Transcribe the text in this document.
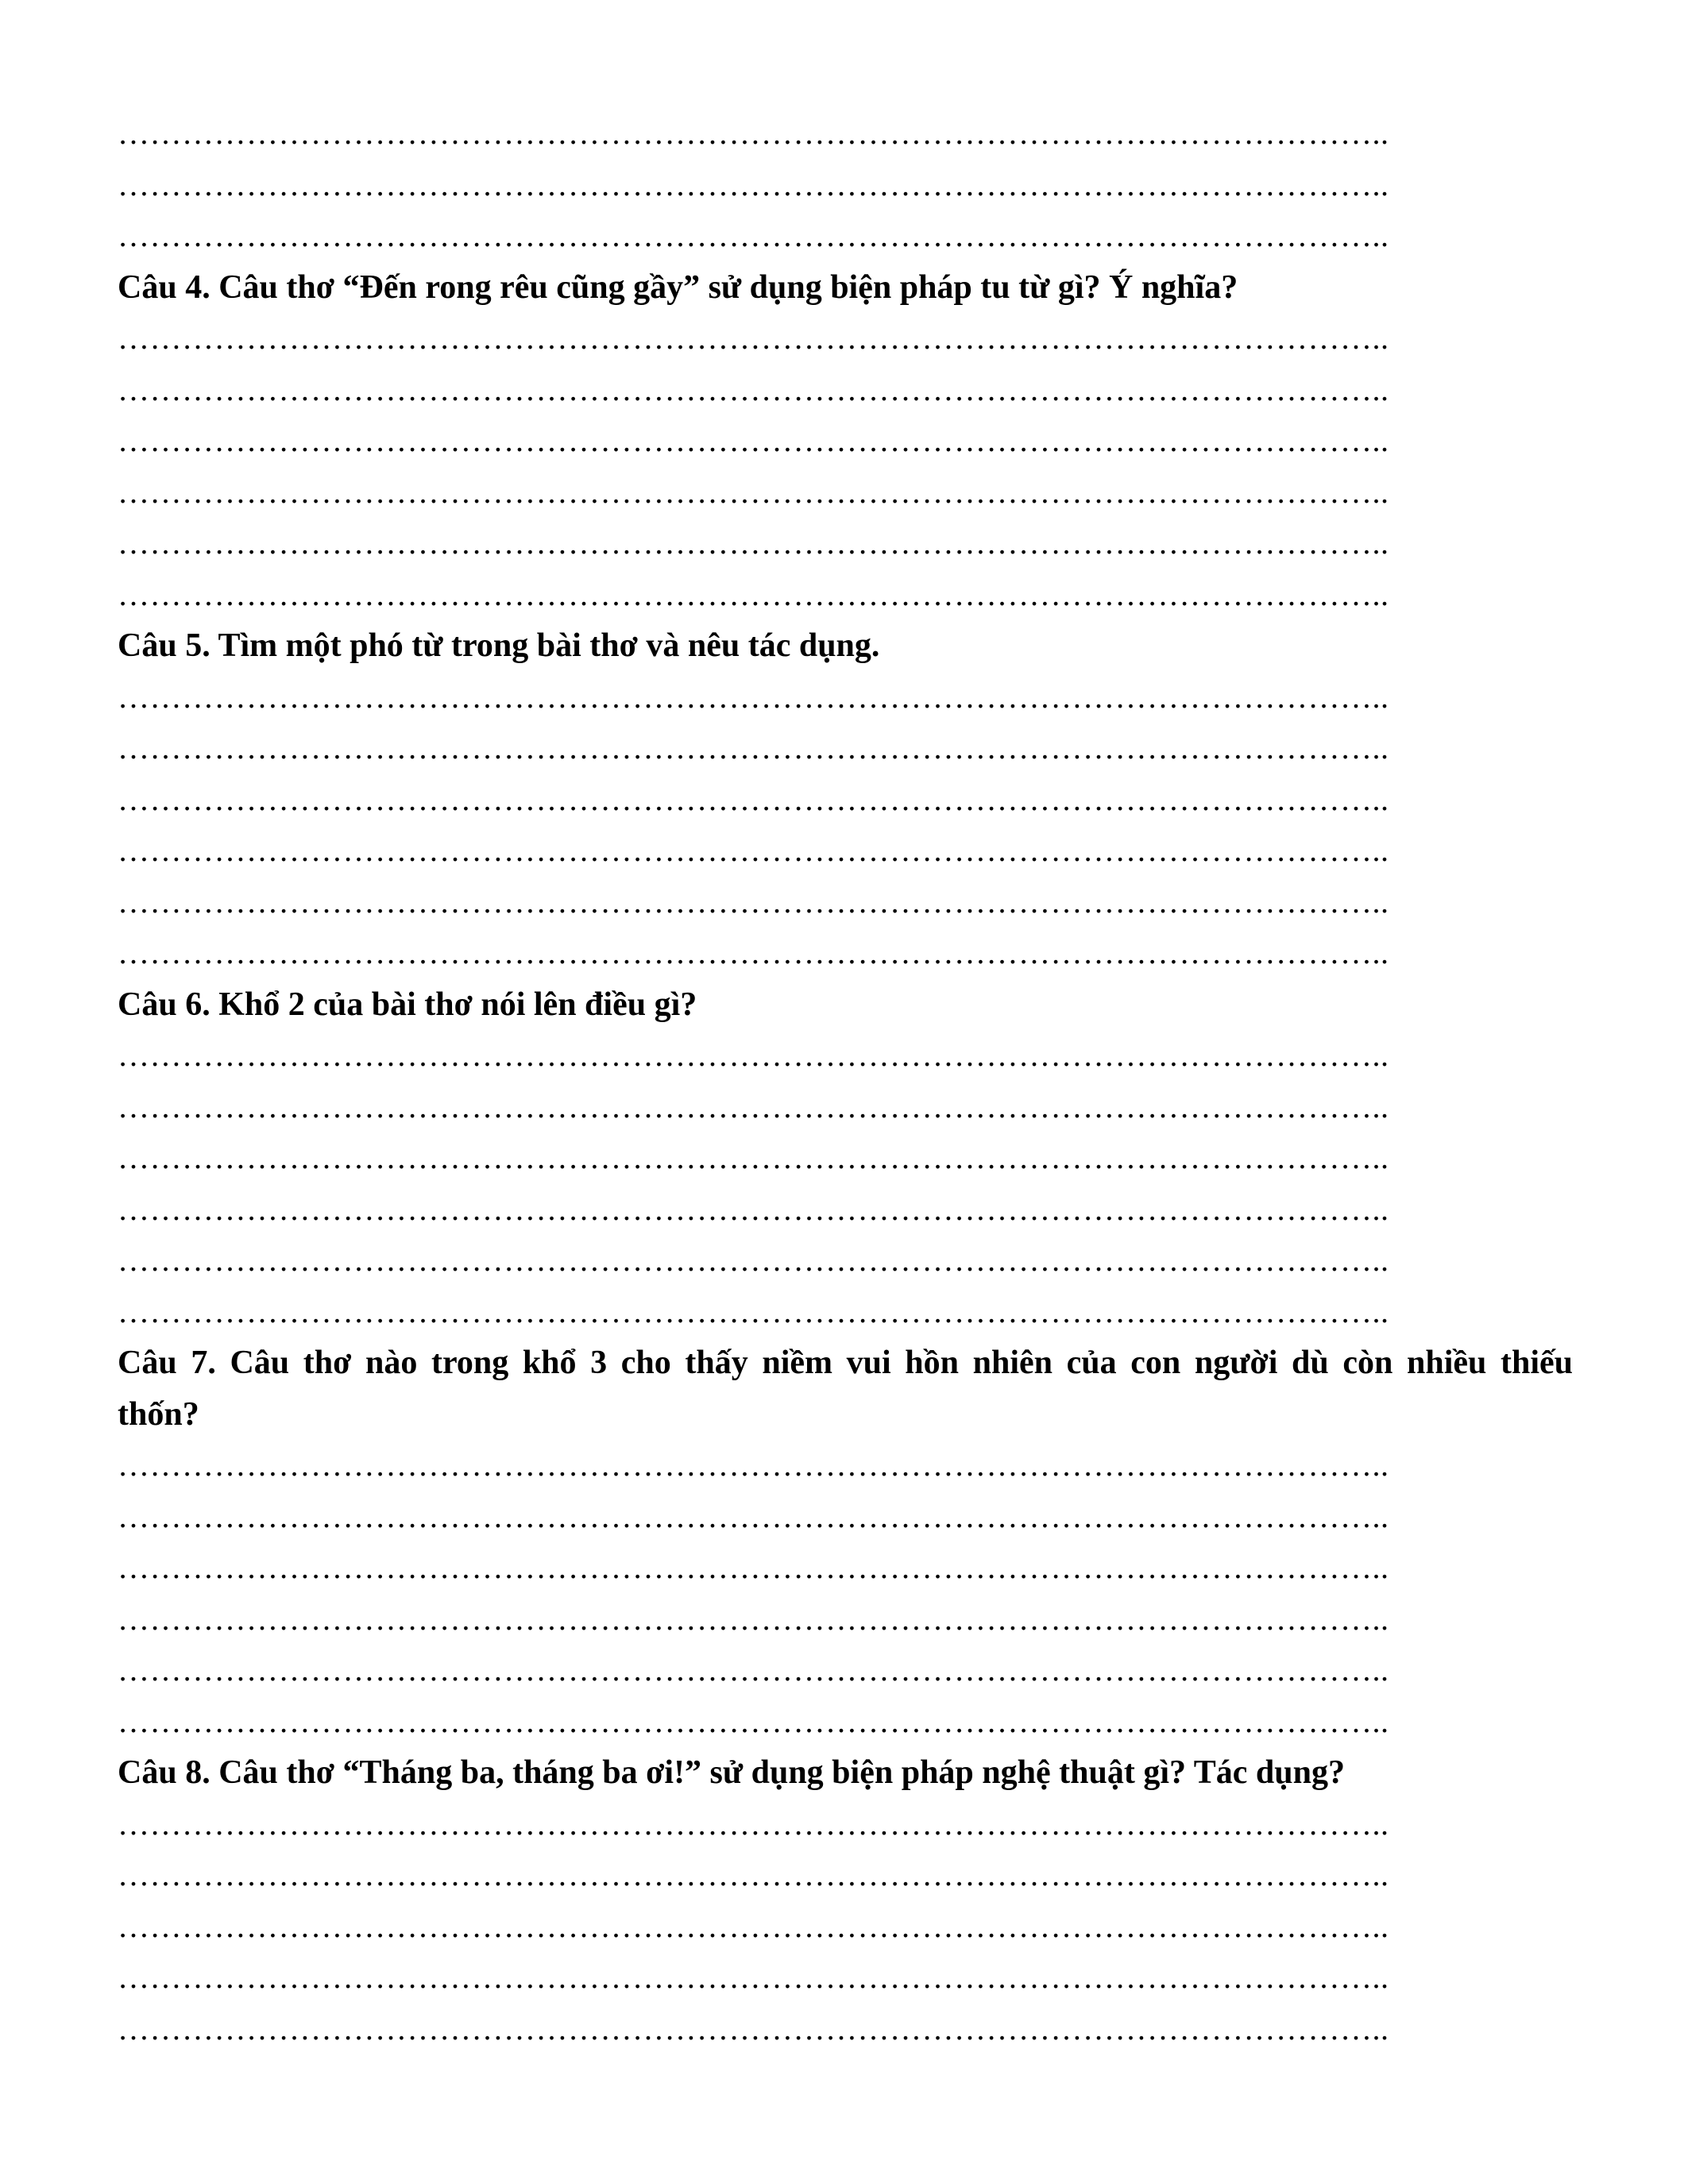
………………………………………………………………………………………………………..
………………………………………………………………………………………………………..
………………………………………………………………………………………………………..

Câu 4. Câu thơ “Đến rong rêu cũng gầy” sử dụng biện pháp tu từ gì? Ý nghĩa?

………………………………………………………………………………………………………..
………………………………………………………………………………………………………..
………………………………………………………………………………………………………..
………………………………………………………………………………………………………..
………………………………………………………………………………………………………..
………………………………………………………………………………………………………..

Câu 5. Tìm một phó từ trong bài thơ và nêu tác dụng.

………………………………………………………………………………………………………..
………………………………………………………………………………………………………..
………………………………………………………………………………………………………..
………………………………………………………………………………………………………..
………………………………………………………………………………………………………..
………………………………………………………………………………………………………..

Câu 6. Khổ 2 của bài thơ nói lên điều gì?

………………………………………………………………………………………………………..
………………………………………………………………………………………………………..
………………………………………………………………………………………………………..
………………………………………………………………………………………………………..
………………………………………………………………………………………………………..
………………………………………………………………………………………………………..

Câu 7. Câu thơ nào trong khổ 3 cho thấy niềm vui hồn nhiên của con người dù còn nhiều thiếu thốn?

………………………………………………………………………………………………………..
………………………………………………………………………………………………………..
………………………………………………………………………………………………………..
………………………………………………………………………………………………………..
………………………………………………………………………………………………………..
………………………………………………………………………………………………………..

Câu 8. Câu thơ “Tháng ba, tháng ba ơi!” sử dụng biện pháp nghệ thuật gì? Tác dụng?

………………………………………………………………………………………………………..
………………………………………………………………………………………………………..
………………………………………………………………………………………………………..
………………………………………………………………………………………………………..
………………………………………………………………………………………………………..
